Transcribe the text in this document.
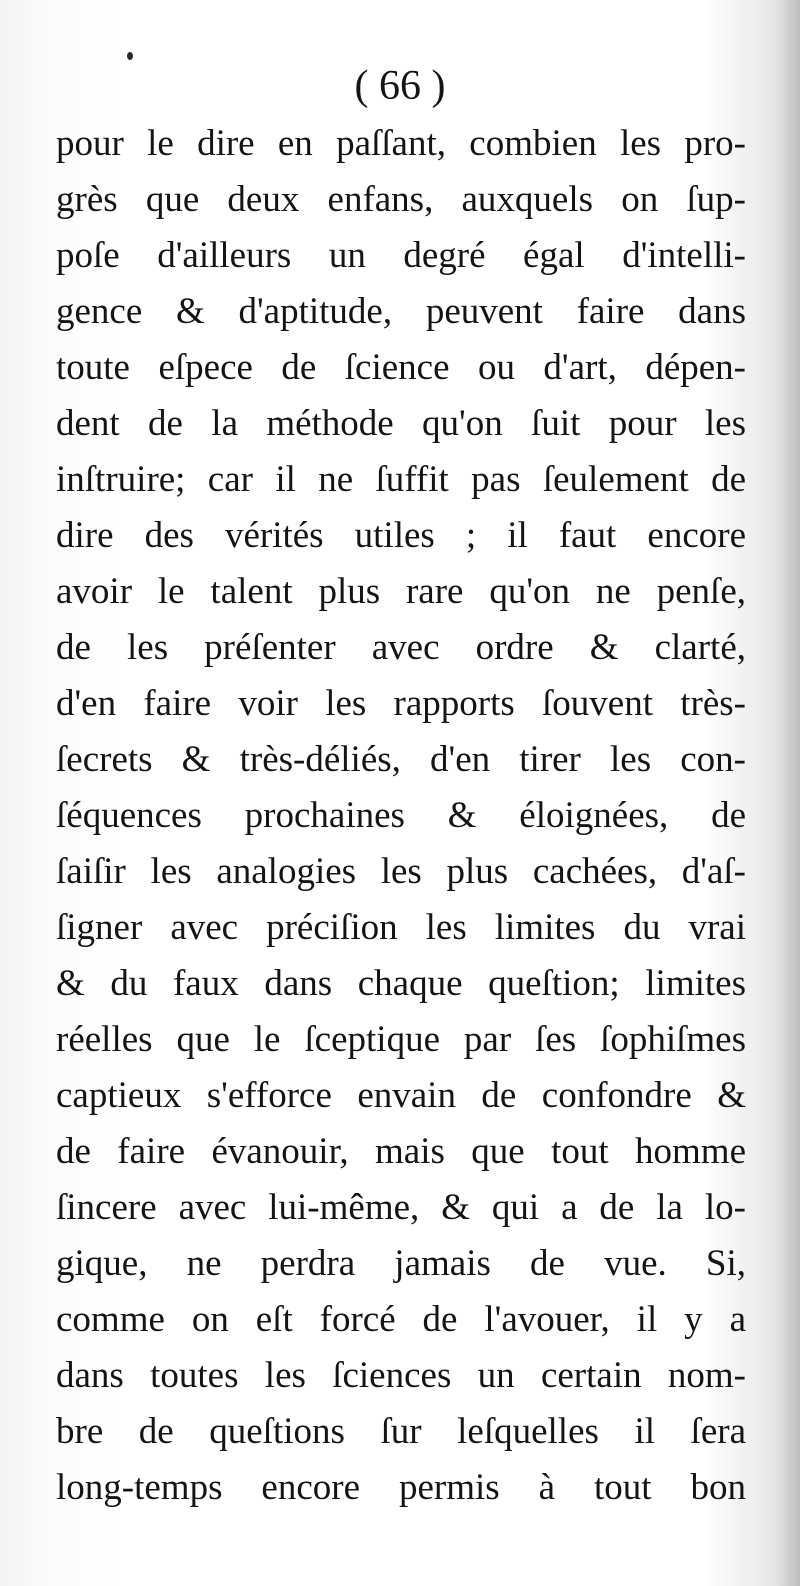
( 66 )
pour le dire en paſſant, combien les pro-
grès que deux enfans, auxquels on ſup-
poſe d'ailleurs un degré égal d'intelli-
gence & d'aptitude, peuvent faire dans
toute eſpece de ſcience ou d'art, dépen-
dent de la méthode qu'on ſuit pour les
inſtruire; car il ne ſuffit pas ſeulement de
dire des vérités utiles ; il faut encore
avoir le talent plus rare qu'on ne penſe,
de les préſenter avec ordre & clarté,
d'en faire voir les rapports ſouvent très-
ſecrets & très-déliés, d'en tirer les con-
ſéquences prochaines & éloignées, de
ſaiſir les analogies les plus cachées, d'aſ-
ſigner avec préciſion les limites du vrai
& du faux dans chaque queſtion; limites
réelles que le ſceptique par ſes ſophiſmes
captieux s'efforce envain de confondre &
de faire évanouir, mais que tout homme
ſincere avec lui-même, & qui a de la lo-
gique, ne perdra jamais de vue. Si,
comme on eſt forcé de l'avouer, il y a
dans toutes les ſciences un certain nom-
bre de queſtions ſur leſquelles il ſera
long-temps encore permis à tout bon
